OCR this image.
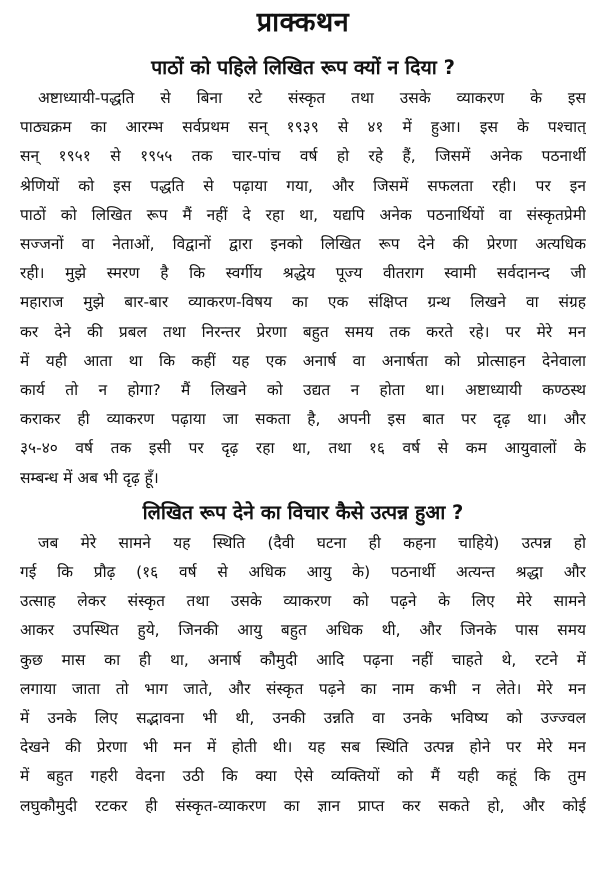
प्राक्कथन
पाठों को पहिले लिखित रूप क्यों न दिया ?
अष्टाध्यायी-पद्धति से बिना रटे संस्कृत तथा उसके व्याकरण के इस
पाठ्यक्रम का आरम्भ सर्वप्रथम सन् १९३९ से ४१ में हुआ। इस के पश्चात्
सन् १९५१ से १९५५ तक चार-पांच वर्ष हो रहे हैं, जिसमें अनेक पठनार्थी
श्रेणियों को इस पद्धति से पढ़ाया गया, और जिसमें सफलता रही। पर इन
पाठों को लिखित रूप मैं नहीं दे रहा था, यद्यपि अनेक पठनार्थियों वा संस्कृतप्रेमी
सज्जनों वा नेताओं, विद्वानों द्वारा इनको लिखित रूप देने की प्रेरणा अत्यधिक
रही। मुझे स्मरण है कि स्वर्गीय श्रद्धेय पूज्य वीतराग स्वामी सर्वदानन्द जी
महाराज मुझे बार-बार व्याकरण-विषय का एक संक्षिप्त ग्रन्थ लिखने वा संग्रह
कर देने की प्रबल तथा निरन्तर प्रेरणा बहुत समय तक करते रहे। पर मेरे मन
में यही आता था कि कहीं यह एक अनार्ष वा अनार्षता को प्रोत्साहन देनेवाला
कार्य तो न होगा? मैं लिखने को उद्यत न होता था। अष्टाध्यायी कण्ठस्थ
कराकर ही व्याकरण पढ़ाया जा सकता है, अपनी इस बात पर दृढ़ था। और
३५-४० वर्ष तक इसी पर दृढ़ रहा था, तथा १६ वर्ष से कम आयुवालों के
सम्बन्ध में अब भी दृढ़ हूँ।
लिखित रूप देने का विचार कैसे उत्पन्न हुआ ?
जब मेरे सामने यह स्थिति (दैवी घटना ही कहना चाहिये) उत्पन्न हो
गई कि प्रौढ़ (१६ वर्ष से अधिक आयु के) पठनार्थी अत्यन्त श्रद्धा और
उत्साह लेकर संस्कृत तथा उसके व्याकरण को पढ़ने के लिए मेरे सामने
आकर उपस्थित हुये, जिनकी आयु बहुत अधिक थी, और जिनके पास समय
कुछ मास का ही था, अनार्ष कौमुदी आदि पढ़ना नहीं चाहते थे, रटने में
लगाया जाता तो भाग जाते, और संस्कृत पढ़ने का नाम कभी न लेते। मेरे मन
में उनके लिए सद्भावना भी थी, उनकी उन्नति वा उनके भविष्य को उज्ज्वल
देखने की प्रेरणा भी मन में होती थी। यह सब स्थिति उत्पन्न होने पर मेरे मन
में बहुत गहरी वेदना उठी कि क्या ऐसे व्यक्तियों को मैं यही कहूं कि तुम
लघुकौमुदी रटकर ही संस्कृत-व्याकरण का ज्ञान प्राप्त कर सकते हो, और कोई
